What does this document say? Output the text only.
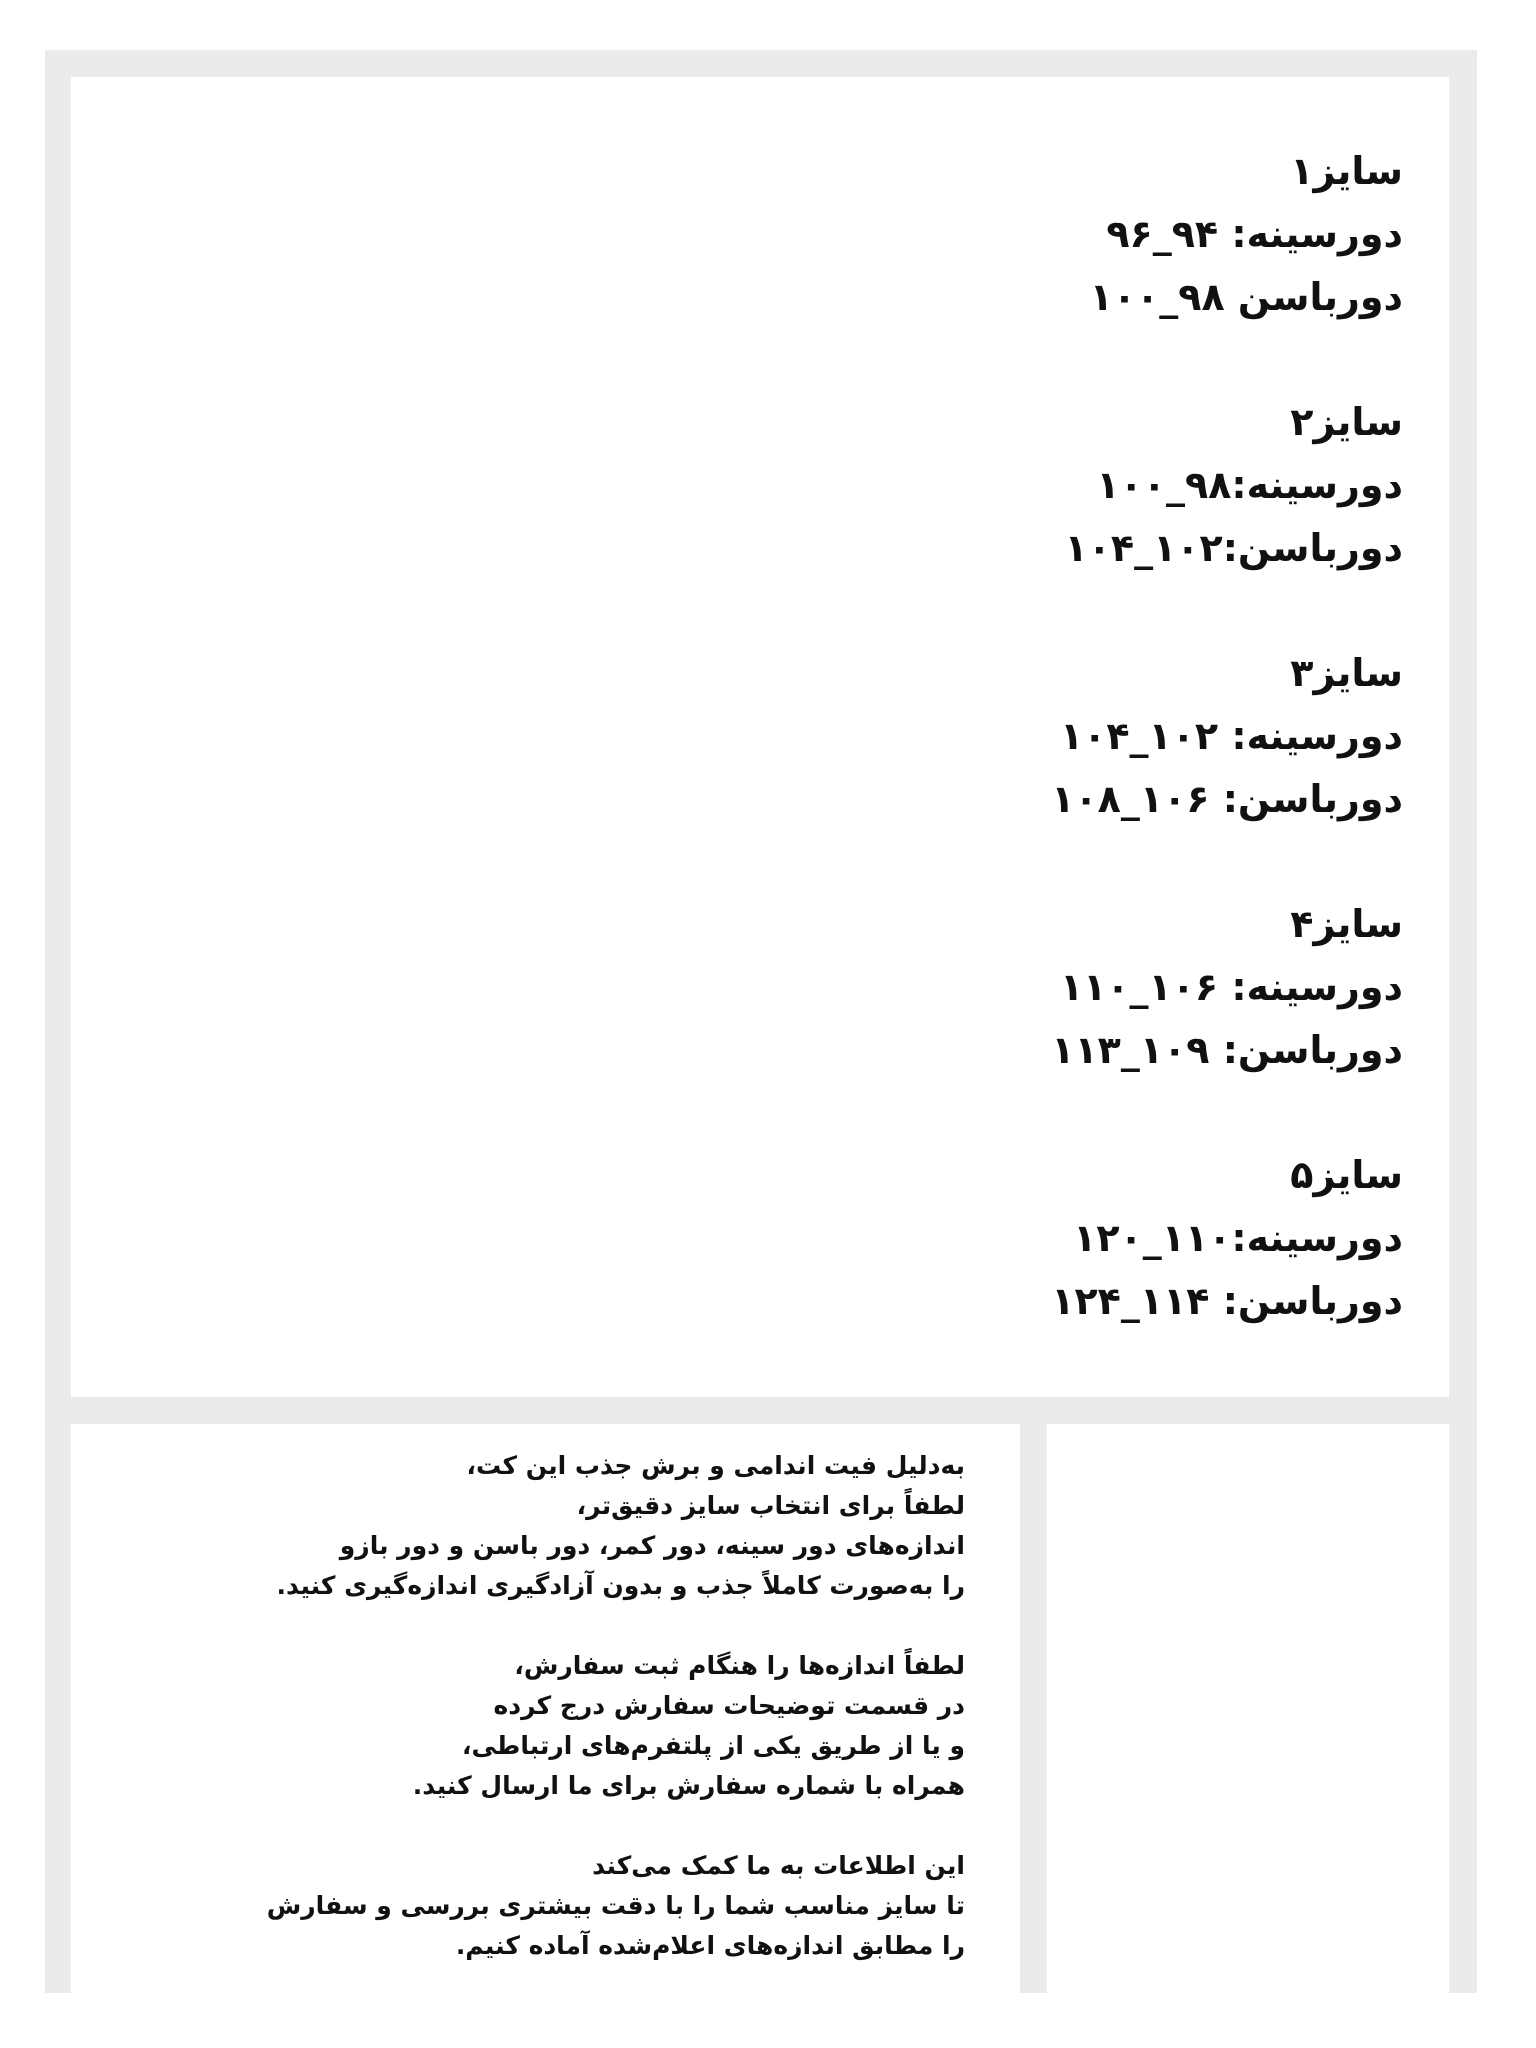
سایز۱
دورسینه: ۹۴_۹۶
دورباسن ۹۸_۱۰۰
سایز۲
دورسینه:۹۸_۱۰۰
دورباسن:۱۰۲_۱۰۴
سایز۳
دورسینه: ۱۰۲_۱۰۴
دورباسن: ۱۰۶_۱۰۸
سایز۴
دورسینه: ۱۰۶_۱۱۰
دورباسن: ۱۰۹_۱۱۳
سایز۵
دورسینه:۱۱۰_۱۲۰
دورباسن: ۱۱۴_۱۲۴
به‌دلیل فیت اندامی و برش جذب این کت،
لطفاً برای انتخاب سایز دقیق‌تر،
اندازه‌های دور سینه، دور کمر، دور باسن و دور بازو
را به‌صورت کاملاً جذب و بدون آزادگیری اندازه‌گیری کنید.
لطفاً اندازه‌ها را هنگام ثبت سفارش،
در قسمت توضیحات سفارش درج کرده
و یا از طریق یکی از پلتفرم‌های ارتباطی،
همراه با شماره سفارش برای ما ارسال کنید.
این اطلاعات به ما کمک می‌کند
تا سایز مناسب شما را با دقت بیشتری بررسی و سفارش
را مطابق اندازه‌های اعلام‌شده آماده کنیم.
